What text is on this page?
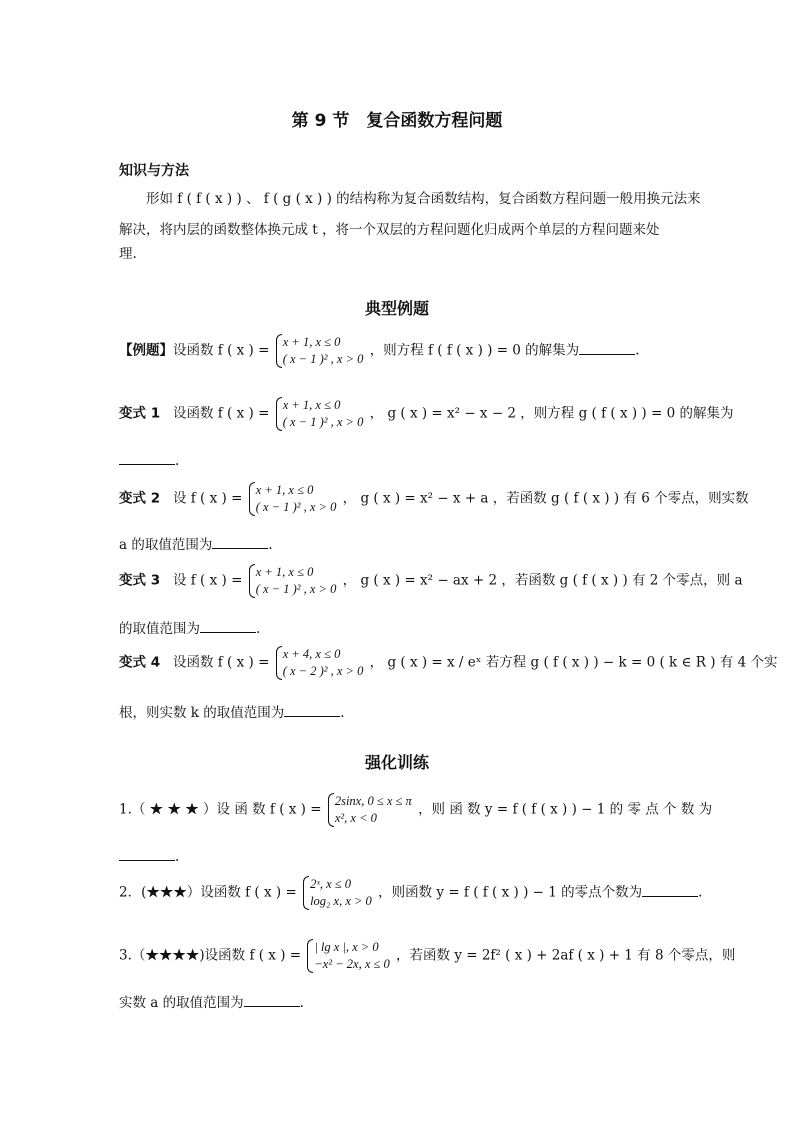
第 9 节　复合函数方程问题
知识与方法
形如 f ( f ( x ) ) 、 f ( g ( x ) ) 的结构称为复合函数结构，复合函数方程问题一般用换元法来
解决，将内层的函数整体换元成 t ，将一个双层的方程问题化归成两个单层的方程问题来处
理.
典型例题
【例题】设函数 f ( x ) =
x + 1, x ≤ 0
( x − 1 )² , x > 0
，则方程 f ( f ( x ) ) = 0 的解集为	.
变式 1 设函数 f ( x ) =
x + 1, x ≤ 0
( x − 1 )² , x > 0
， g ( x ) = x² − x − 2 ，则方程 g ( f ( x ) ) = 0 的解集为
.
变式 2 设 f ( x ) =
x + 1, x ≤ 0
( x − 1 )² , x > 0
， g ( x ) = x² − x + a ，若函数 g ( f ( x ) ) 有 6 个零点，则实数
a 的取值范围为	.
变式 3 设 f ( x ) =
x + 1, x ≤ 0
( x − 1 )² , x > 0
， g ( x ) = x² − ax + 2 ，若函数 g ( f ( x ) ) 有 2 个零点，则 a
的取值范围为	.
变式 4 设函数 f ( x ) =
x + 4, x ≤ 0
( x − 2 )² , x > 0
， g ( x ) = x / eˣ 若方程 g ( f ( x ) ) − k = 0 ( k ∈ R ) 有 4 个实
根，则实数 k 的取值范围为	.
强化训练
1.（ ★ ★ ★ ）设 函 数 f ( x ) =
2sinx, 0 ≤ x ≤ π
x², x < 0
，则 函 数 y = f ( f ( x ) ) − 1 的 零 点 个 数 为
.
2．(★★★）设函数 f ( x ) =
2ˣ, x ≤ 0
log₂ x, x > 0
，则函数 y = f ( f ( x ) ) − 1 的零点个数为	.
3.（★★★★)设函数 f ( x ) =
| lg x |, x > 0
−x² − 2x, x ≤ 0
，若函数 y = 2f² ( x ) + 2af ( x ) + 1 有 8 个零点，则
实数 a 的取值范围为	.
